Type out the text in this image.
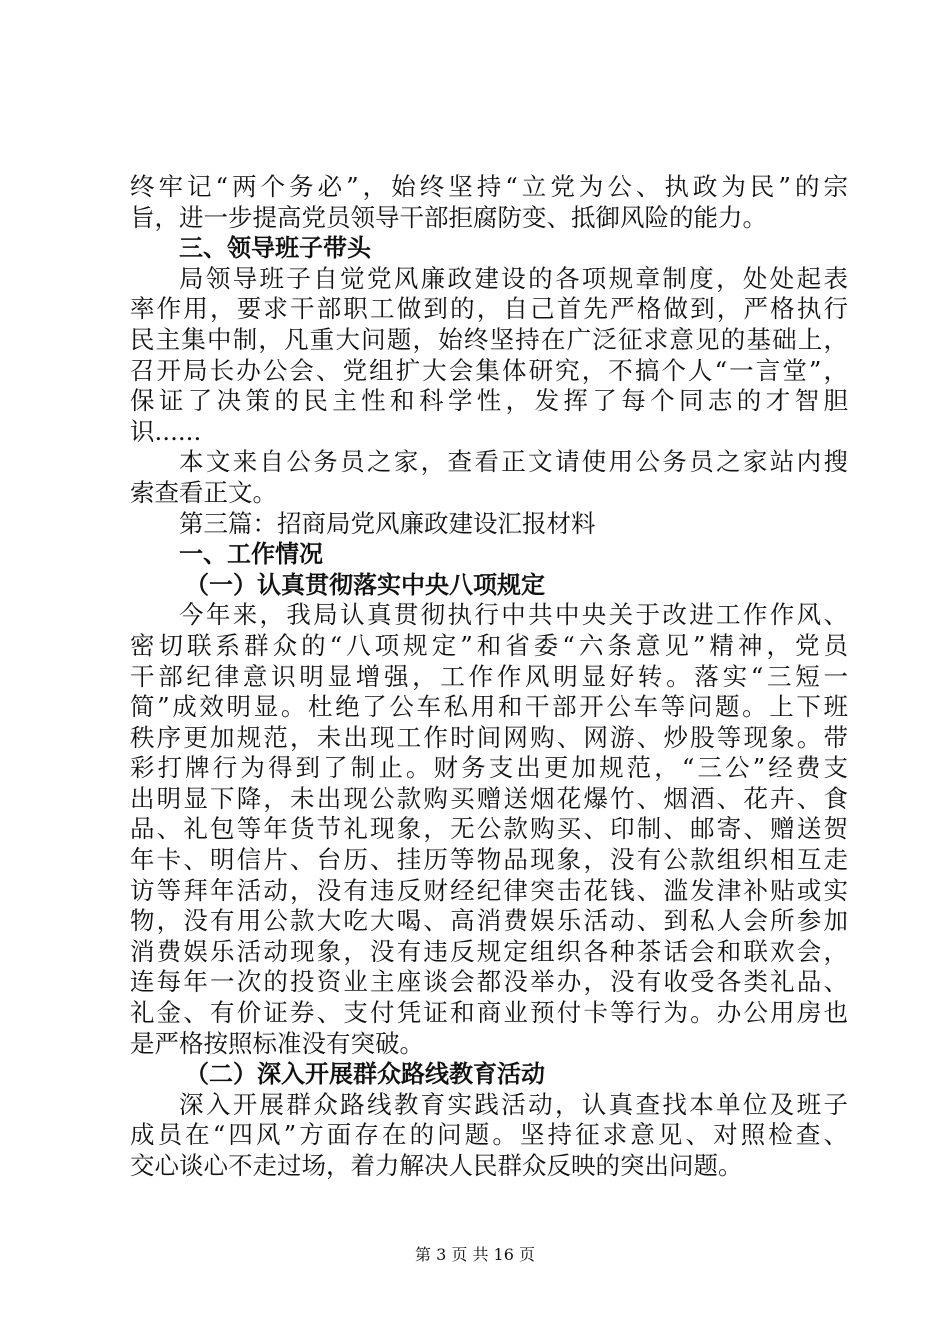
终牢记“两个务必”，始终坚持“立党为公、执政为民”的宗
旨，进一步提高党员领导干部拒腐防变、抵御风险的能力。
三、领导班子带头
局领导班子自觉党风廉政建设的各项规章制度，处处起表
率作用，要求干部职工做到的，自己首先严格做到，严格执行
民主集中制，凡重大问题，始终坚持在广泛征求意见的基础上，
召开局长办公会、党组扩大会集体研究，不搞个人“一言堂”，
保证了决策的民主性和科学性，发挥了每个同志的才智胆
识......
本文来自公务员之家，查看正文请使用公务员之家站内搜
索查看正文。
第三篇：招商局党风廉政建设汇报材料
一、工作情况
（一）认真贯彻落实中央八项规定
今年来，我局认真贯彻执行中共中央关于改进工作作风、
密切联系群众的“八项规定”和省委“六条意见”精神，党员
干部纪律意识明显增强，工作作风明显好转。落实“三短一
简”成效明显。杜绝了公车私用和干部开公车等问题。上下班
秩序更加规范，未出现工作时间网购、网游、炒股等现象。带
彩打牌行为得到了制止。财务支出更加规范，“三公”经费支
出明显下降，未出现公款购买赠送烟花爆竹、烟酒、花卉、食
品、礼包等年货节礼现象，无公款购买、印制、邮寄、赠送贺
年卡、明信片、台历、挂历等物品现象，没有公款组织相互走
访等拜年活动，没有违反财经纪律突击花钱、滥发津补贴或实
物，没有用公款大吃大喝、高消费娱乐活动、到私人会所参加
消费娱乐活动现象，没有违反规定组织各种茶话会和联欢会，
连每年一次的投资业主座谈会都没举办，没有收受各类礼品、
礼金、有价证券、支付凭证和商业预付卡等行为。办公用房也
是严格按照标准没有突破。
（二）深入开展群众路线教育活动
深入开展群众路线教育实践活动，认真查找本单位及班子
成员在“四风”方面存在的问题。坚持征求意见、对照检查、
交心谈心不走过场，着力解决人民群众反映的突出问题。
第 3 页 共 16 页
